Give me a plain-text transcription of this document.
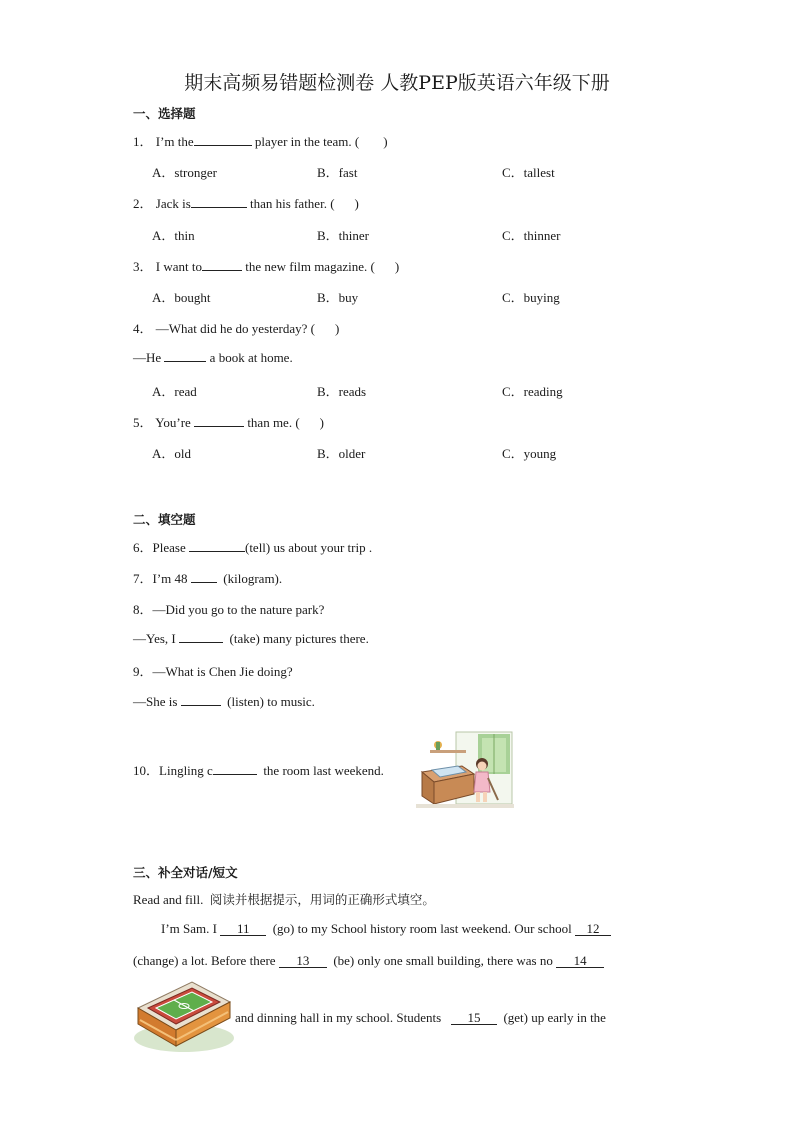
期末高频易错题检测卷 人教PEP版英语六年级下册
一、选择题
1． I’m the	player in the team. ( )
A．stronger	B．fast	C．tallest
2． Jack is	than his father. ( )
A．thin	B．thiner	C．thinner
3． I want to	the new film magazine. ( )
A．bought	B．buy	C．buying
4． —What did he do yesterday? ( )
—He	a book at home.
A．read	B．reads	C．reading
5． You’re	than me. ( )
A．old	B．older	C．young
二、填空题
6．Please	(tell) us about your trip .
7．I’m 48	(kilogram).
8．—Did you go to the nature park?
—Yes, I	(take) many pictures there.
9．—What is Chen Jie doing?
—She is	(listen) to music.
10．Lingling c	the room last weekend.
三、补全对话/短文
Read and fill. 阅读并根据提示，用词的正确形式填空。
I’m Sam. I 11 (go) to my School history room last weekend. Our school 12
(change) a lot. Before there 13 (be) only one small building, there was no 14
and dinning hall in my school. Students 15 (get) up early in the
